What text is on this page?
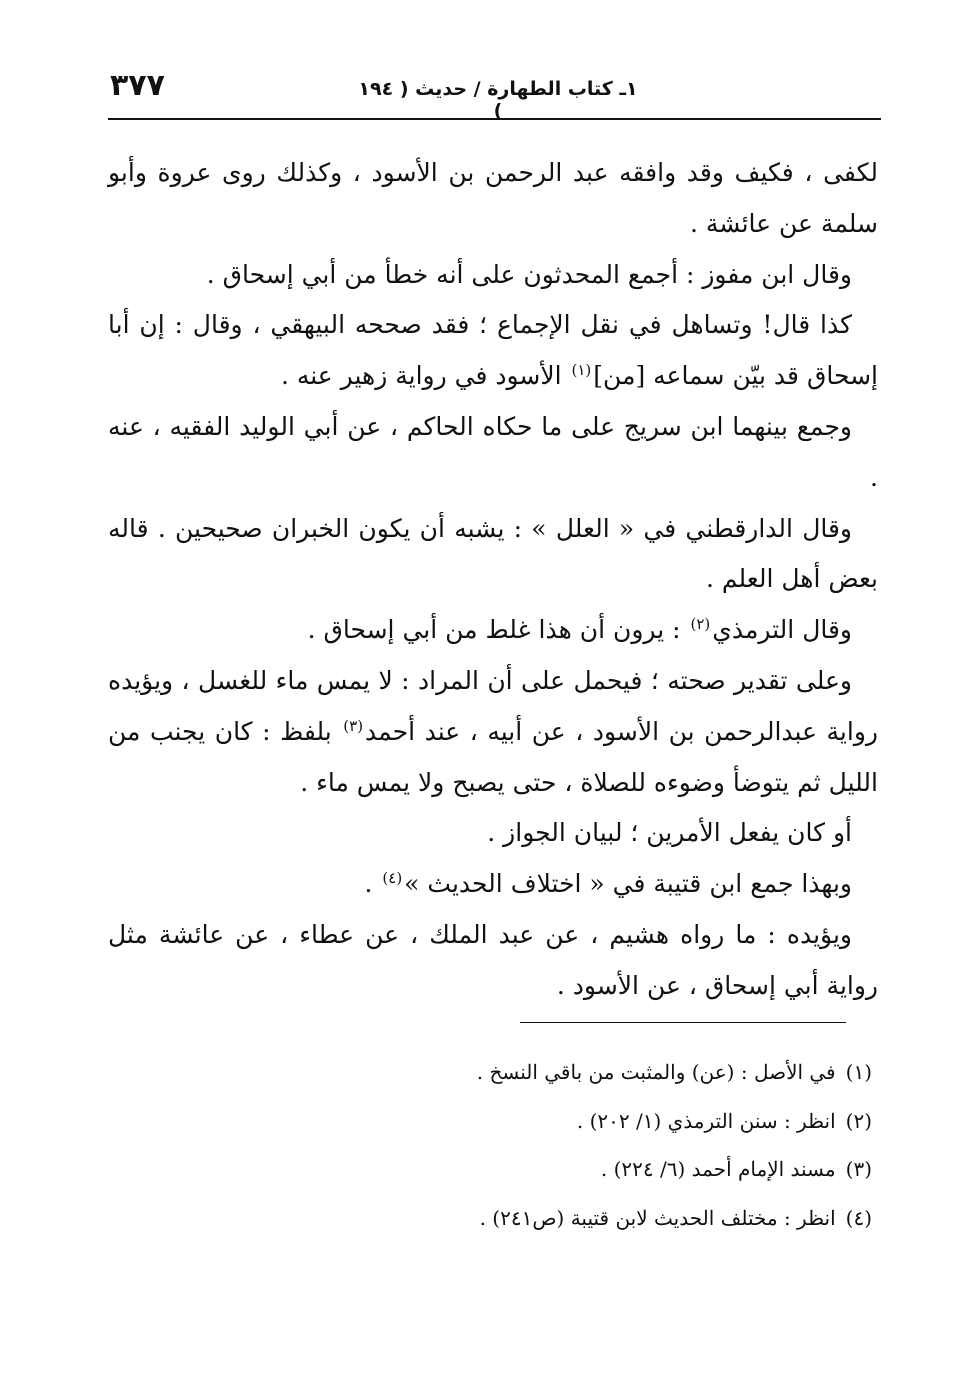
٣٧٧	١ـ كتاب الطهارة / حديث ( ١٩٤ )

لكفى ، فكيف وقد وافقه عبد الرحمن بن الأسود ، وكذلك روى عروة وأبو سلمة عن عائشة .

وقال ابن مفوز : أجمع المحدثون على أنه خطأ من أبي إسحاق .

كذا قال! وتساهل في نقل الإجماع ؛ فقد صححه البيهقي ، وقال : إن أبا إسحاق قد بيّن سماعه [من]$^{(١)}$ الأسود في رواية زهير عنه .

وجمع بينهما ابن سريج على ما حكاه الحاكم ، عن أبي الوليد الفقيه ، عنه .

وقال الدارقطني في « العلل » : يشبه أن يكون الخبران صحيحين . قاله بعض أهل العلم .

وقال الترمذي$^{(٢)}$ : يرون أن هذا غلط من أبي إسحاق .

وعلى تقدير صحته ؛ فيحمل على أن المراد : لا يمس ماء للغسل ، ويؤيده رواية عبدالرحمن بن الأسود ، عن أبيه ، عند أحمد$^{(٣)}$ بلفظ : كان يجنب من الليل ثم يتوضأ وضوءه للصلاة ، حتى يصبح ولا يمس ماء .

أو كان يفعل الأمرين ؛ لبيان الجواز .

وبهذا جمع ابن قتيبة في « اختلاف الحديث »$^{(٤)}$ .

ويؤيده : ما رواه هشيم ، عن عبد الملك ، عن عطاء ، عن عائشة مثل رواية أبي إسحاق ، عن الأسود .

(١)في الأصل : (عن) والمثبت من باقي النسخ .

(٢)انظر : سنن الترمذي (١/ ٢٠٢) .

(٣)مسند الإمام أحمد (٦/ ٢٢٤) .

(٤)انظر : مختلف الحديث لابن قتيبة (ص٢٤١) .
